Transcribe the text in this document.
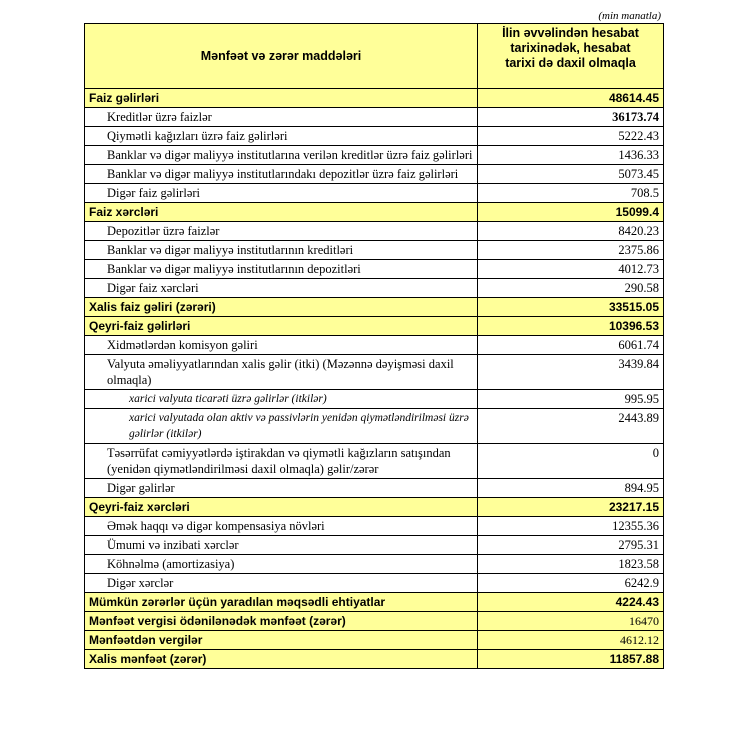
(min manatla)
Mənfəət və zərər maddələri	İlin əvvəlindən hesabat
tarixinədək, hesabat
tarixi də daxil olmaqla

Faiz gəlirləri	48614.45
Kreditlər üzrə faizlər	36173.74
Qiymətli kağızları üzrə faiz gəlirləri	5222.43
Banklar və digər maliyyə institutlarına verilən kreditlər üzrə faiz gəlirləri	1436.33
Banklar və digər maliyyə institutlarındakı depozitlər üzrə faiz gəlirləri	5073.45
Digər faiz gəlirləri	708.5
Faiz xərcləri	15099.4
Depozitlər üzrə faizlər	8420.23
Banklar və digər maliyyə institutlarının kreditləri	2375.86
Banklar və digər maliyyə institutlarının depozitləri	4012.73
Digər faiz xərcləri	290.58
Xalis faiz gəliri (zərəri)	33515.05
Qeyri-faiz gəlirləri	10396.53
Xidmətlərdən komisyon gəliri	6061.74
Valyuta əməliyyatlarından xalis gəlir (itki) (Məzənnə dəyişməsi daxil olmaqla)	3439.84
xarici valyuta ticarəti üzrə gəlirlər (itkilər)	995.95
xarici valyutada olan aktiv və passivlərin yenidən qiymətləndirilməsi üzrə gəlirlər (itkilər)	2443.89
Təsərrüfat cəmiyyətlərdə iştirakdan və qiymətli kağızların satışından (yenidən qiymətləndirilməsi daxil olmaqla) gəlir/zərər	0
Digər gəlirlər	894.95
Qeyri-faiz xərcləri	23217.15
Əmək haqqı və digər kompensasiya növləri	12355.36
Ümumi və inzibati xərclər	2795.31
Köhnəlmə (amortizasiya)	1823.58
Digər xərclər	6242.9
Mümkün zərərlər üçün yaradılan məqsədli ehtiyatlar	4224.43
Mənfəət vergisi ödənilənədək mənfəət (zərər)	16470
Mənfəətdən vergilər	4612.12
Xalis mənfəət (zərər)	11857.88
